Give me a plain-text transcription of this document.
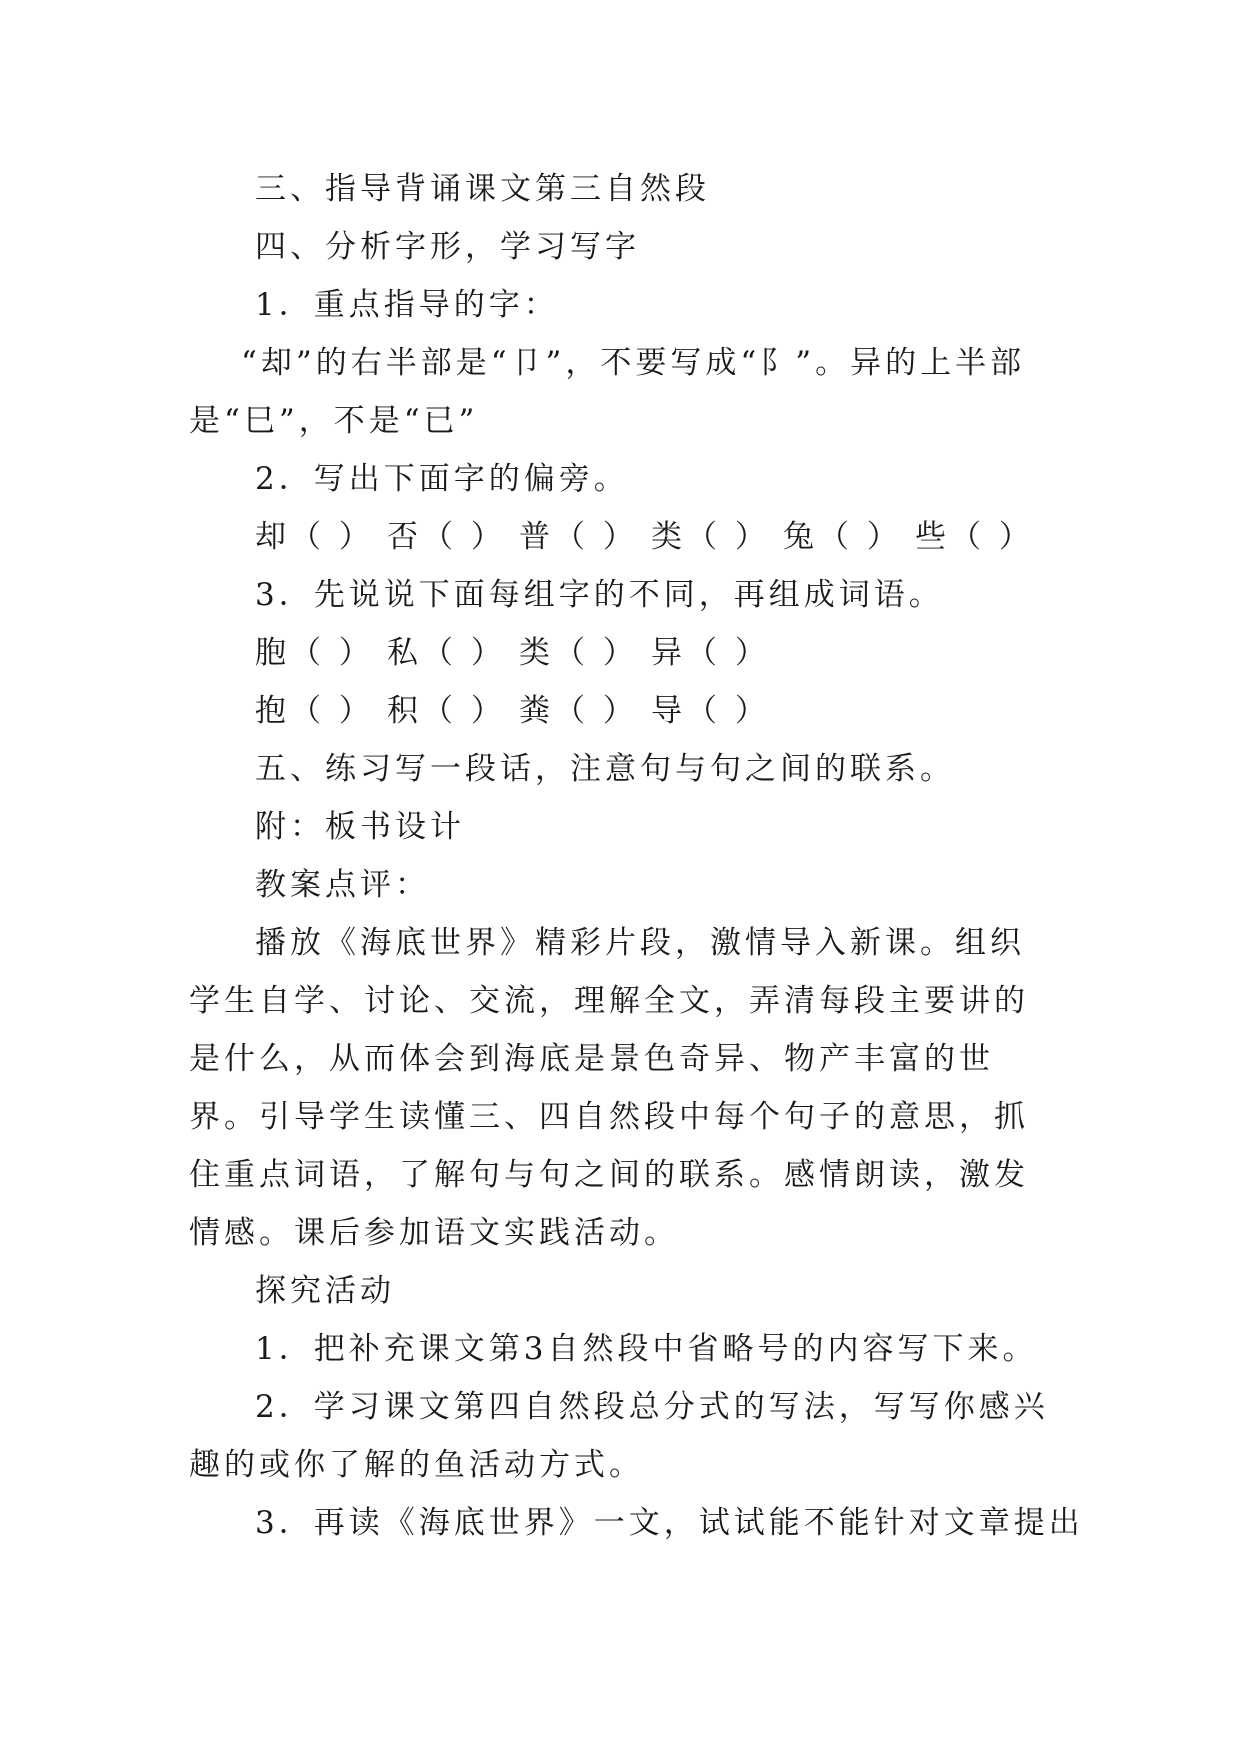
三、指导背诵课文第三自然段

四、分析字形，学习写字

1．重点指导的字：

“却”的右半部是“卩”，不要写成“阝”。异的上半部

是“巳”，不是“已”

2．写出下面字的偏旁。

却（ ） 否（ ） 普（ ） 类（ ） 兔（ ） 些（ ）

3．先说说下面每组字的不同，再组成词语。

胞（ ） 私（ ） 类（ ） 异（ ）
抱（ ） 积（ ） 粪（ ） 导（ ）

五、练习写一段话，注意句与句之间的联系。

附：板书设计

教案点评：

播放《海底世界》精彩片段，激情导入新课。组织学生自学、讨论、交流，理解全文，弄清每段主要讲的是什么，从而体会到海底是景色奇异、物产丰富的世界。引导学生读懂三、四自然段中每个句子的意思，抓住重点词语，了解句与句之间的联系。感情朗读，激发情感。课后参加语文实践活动。

探究活动

1．把补充课文第3自然段中省略号的内容写下来。

2．学习课文第四自然段总分式的写法，写写你感兴趣的或你了解的鱼活动方式。

3．再读《海底世界》一文，试试能不能针对文章提出
